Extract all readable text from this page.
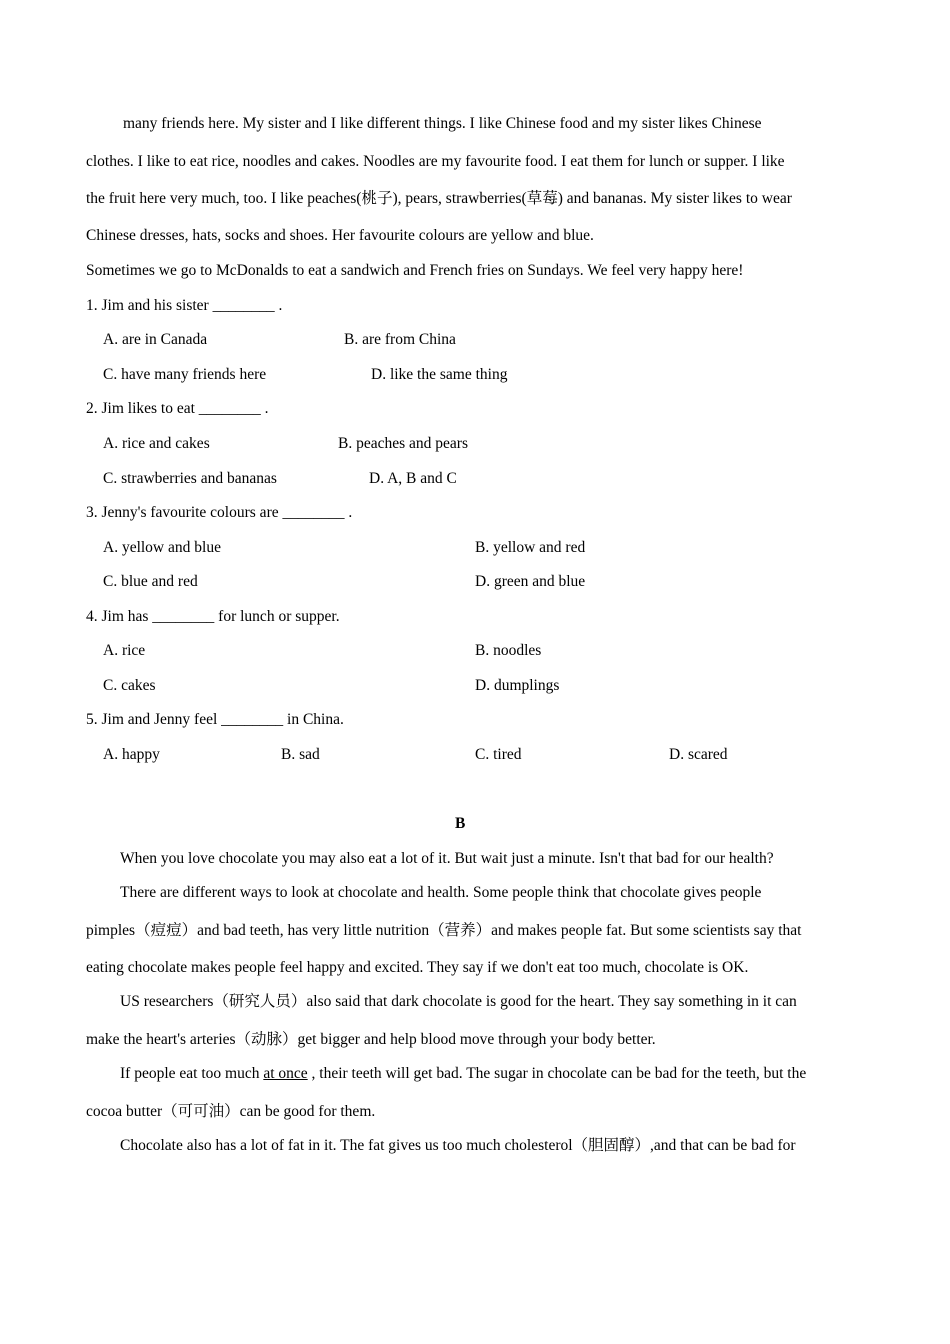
many friends here. My sister and I like different things. I like Chinese food and my sister likes Chinese
clothes. I like to eat rice, noodles and cakes. Noodles are my favourite food. I eat them for lunch or supper. I like
the fruit here very much, too. I like peaches(桃子), pears, strawberries(草莓) and bananas. My sister likes to wear
Chinese dresses, hats, socks and shoes. Her favourite colours are yellow and blue.
Sometimes we go to McDonalds to eat a sandwich and French fries on Sundays. We feel very happy here!
1. Jim and his sister ________ .
A. are in Canada	B. are from China
C. have many friends here	D. like the same thing
2. Jim likes to eat ________ .
A. rice and cakes	B. peaches and pears
C. strawberries and bananas	D. A, B and C
3. Jenny's favourite colours are ________ .
A. yellow and blue	B. yellow and red
C. blue and red	D. green and blue
4. Jim has ________ for lunch or supper.
A. rice	B. noodles
C. cakes	D. dumplings
5. Jim and Jenny feel ________ in China.
A. happy	B. sad	C. tired	D. scared
B
When you love chocolate you may also eat a lot of it. But wait just a minute. Isn't that bad for our health?
There are different ways to look at chocolate and health. Some people think that chocolate gives people
pimples（痘痘）and bad teeth, has very little nutrition（营养）and makes people fat. But some scientists say that
eating chocolate makes people feel happy and excited. They say if we don't eat too much, chocolate is OK.
US researchers（研究人员）also said that dark chocolate is good for the heart. They say something in it can
make the heart's arteries（动脉）get bigger and help blood move through your body better.
If people eat too much at once , their teeth will get bad. The sugar in chocolate can be bad for the teeth, but the
cocoa butter（可可油）can be good for them.
Chocolate also has a lot of fat in it. The fat gives us too much cholesterol（胆固醇）,and that can be bad for
